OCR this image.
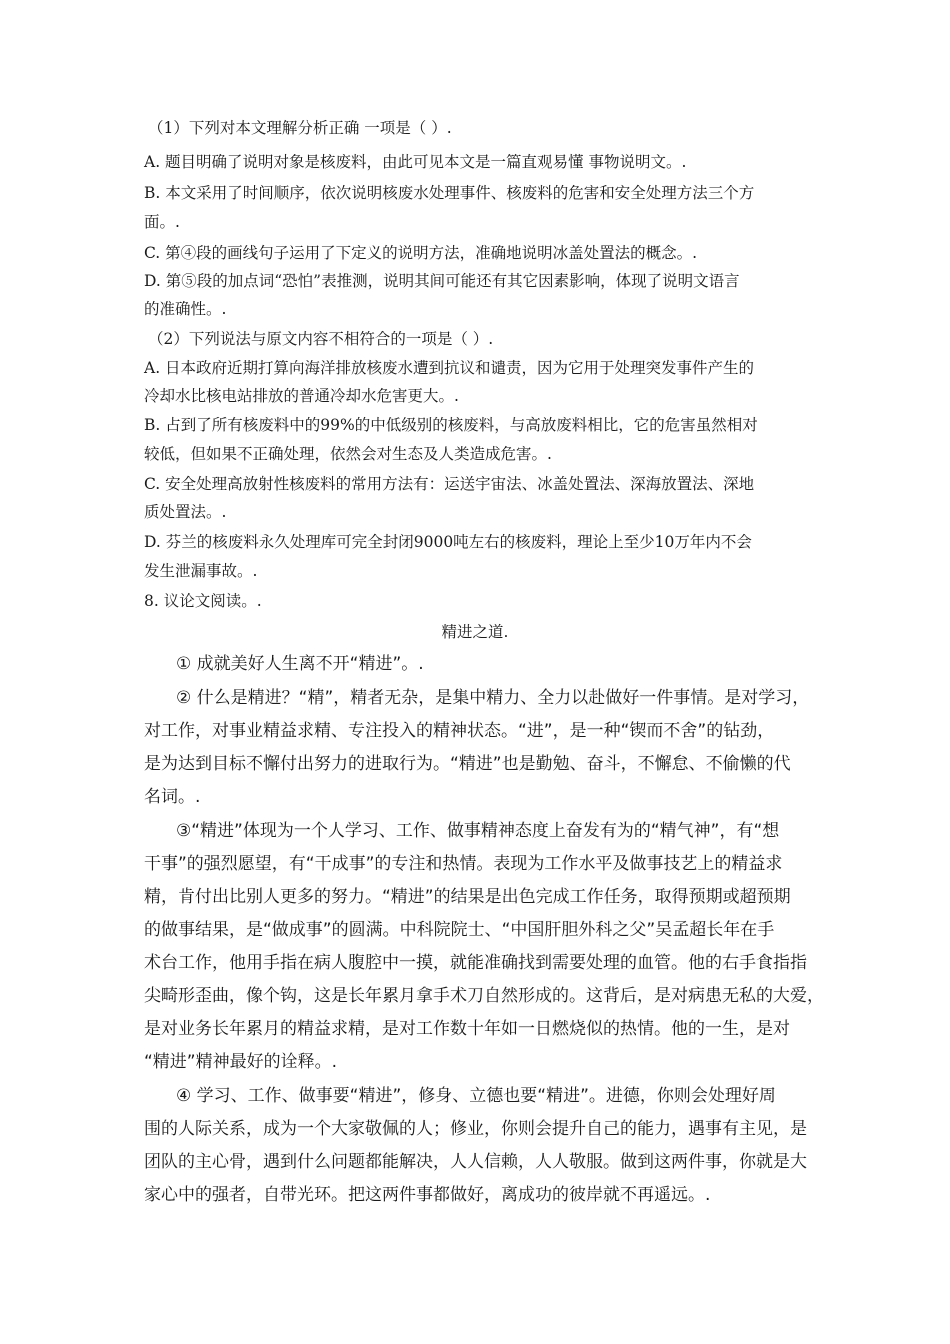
（1）下列对本文理解分析正确 一项是（ ）.
A. 题目明确了说明对象是核废料，由此可见本文是一篇直观易懂 事物说明文。.
B. 本文采用了时间顺序，依次说明核废水处理事件、核废料的危害和安全处理方法三个方
面。.
C. 第④段的画线句子运用了下定义的说明方法，准确地说明冰盖处置法的概念。.
D. 第⑤段的加点词“恐怕”表推测，说明其间可能还有其它因素影响，体现了说明文语言
的准确性。.
（2）下列说法与原文内容不相符合的一项是（ ）.
A. 日本政府近期打算向海洋排放核废水遭到抗议和谴责，因为它用于处理突发事件产生的
冷却水比核电站排放的普通冷却水危害更大。.
B. 占到了所有核废料中的99%的中低级别的核废料，与高放废料相比，它的危害虽然相对
较低，但如果不正确处理，依然会对生态及人类造成危害。.
C. 安全处理高放射性核废料的常用方法有：运送宇宙法、冰盖处置法、深海放置法、深地
质处置法。.
D. 芬兰的核废料永久处理库可完全封闭9000吨左右的核废料，理论上至少10万年内不会
发生泄漏事故。.
8. 议论文阅读。.
精进之道.
① 成就美好人生离不开“精进”。.
② 什么是精进？“精”，精者无杂，是集中精力、全力以赴做好一件事情。是对学习，
对工作，对事业精益求精、专注投入的精神状态。“进”，是一种“锲而不舍”的钻劲，
是为达到目标不懈付出努力的进取行为。“精进”也是勤勉、奋斗，不懈怠、不偷懒的代
名词。.
③“精进”体现为一个人学习、工作、做事精神态度上奋发有为的“精气神”，有“想
干事”的强烈愿望，有“干成事”的专注和热情。表现为工作水平及做事技艺上的精益求
精，肯付出比别人更多的努力。“精进”的结果是出色完成工作任务，取得预期或超预期
的做事结果，是“做成事”的圆满。中科院院士、“中国肝胆外科之父”吴孟超长年在手
术台工作，他用手指在病人腹腔中一摸，就能准确找到需要处理的血管。他的右手食指指
尖畸形歪曲，像个钩，这是长年累月拿手术刀自然形成的。这背后，是对病患无私的大爱，
是对业务长年累月的精益求精，是对工作数十年如一日燃烧似的热情。他的一生，是对
“精进”精神最好的诠释。.
④ 学习、工作、做事要“精进”，修身、立德也要“精进”。进德，你则会处理好周
围的人际关系，成为一个大家敬佩的人；修业，你则会提升自己的能力，遇事有主见，是
团队的主心骨，遇到什么问题都能解决，人人信赖，人人敬服。做到这两件事，你就是大
家心中的强者，自带光环。把这两件事都做好，离成功的彼岸就不再遥远。.
